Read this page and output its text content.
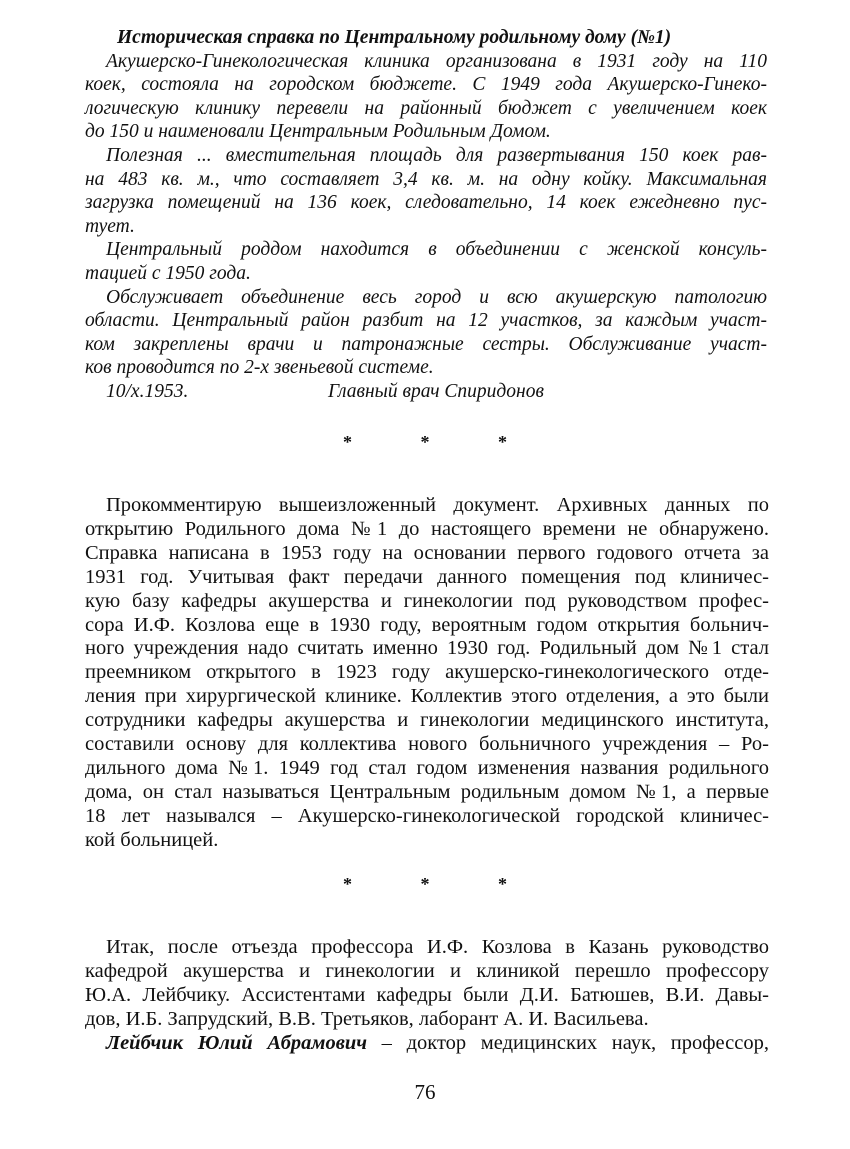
Историческая справка по Центральному родильному дому (№1)
Акушерско-Гинекологическая клиника организована в 1931 году на 110
коек, состояла на городском бюджете. С 1949 года Акушерско-Гинеко-
логическую клинику перевели на районный бюджет с увеличением коек
до 150 и наименовали Центральным Родильным Домом.
Полезная ... вместительная площадь для развертывания 150 коек рав-
на 483 кв. м., что составляет 3,4 кв. м. на одну койку. Максимальная
загрузка помещений на 136 коек, следовательно, 14 коек ежедневно пус-
тует.
Центральный роддом находится в объединении с женской консуль-
тацией с 1950 года.
Обслуживает объединение весь город и всю акушерскую патологию
области. Центральный район разбит на 12 участков, за каждым участ-
ком закреплены врачи и патронажные сестры. Обслуживание участ-
ков проводится по 2-х звеньевой системе.
10/x.1953.	Главный врач Спиридонов
* * *
Прокомментирую вышеизложенный документ. Архивных данных по
открытию Родильного дома №1 до настоящего времени не обнаружено.
Справка написана в 1953 году на основании первого годового отчета за
1931 год. Учитывая факт передачи данного помещения под клиничес-
кую базу кафедры акушерства и гинекологии под руководством профес-
сора И.Ф. Козлова еще в 1930 году, вероятным годом открытия больнич-
ного учреждения надо считать именно 1930 год. Родильный дом №1 стал
преемником открытого в 1923 году акушерско-гинекологического отде-
ления при хирургической клинике. Коллектив этого отделения, а это были
сотрудники кафедры акушерства и гинекологии медицинского института,
составили основу для коллектива нового больничного учреждения – Ро-
дильного дома №1. 1949 год стал годом изменения названия родильного
дома, он стал называться Центральным родильным домом №1, а первые
18 лет назывался – Акушерско-гинекологической городской клиничес-
кой больницей.
* * *
Итак, после отъезда профессора И.Ф. Козлова в Казань руководство
кафедрой акушерства и гинекологии и клиникой перешло профессору
Ю.А. Лейбчику. Ассистентами кафедры были Д.И. Батюшев, В.И. Давы-
дов, И.Б. Запрудский, В.В. Третьяков, лаборант А. И. Васильева.
Лейбчик Юлий Абрамович – доктор медицинских наук, профессор,
76
